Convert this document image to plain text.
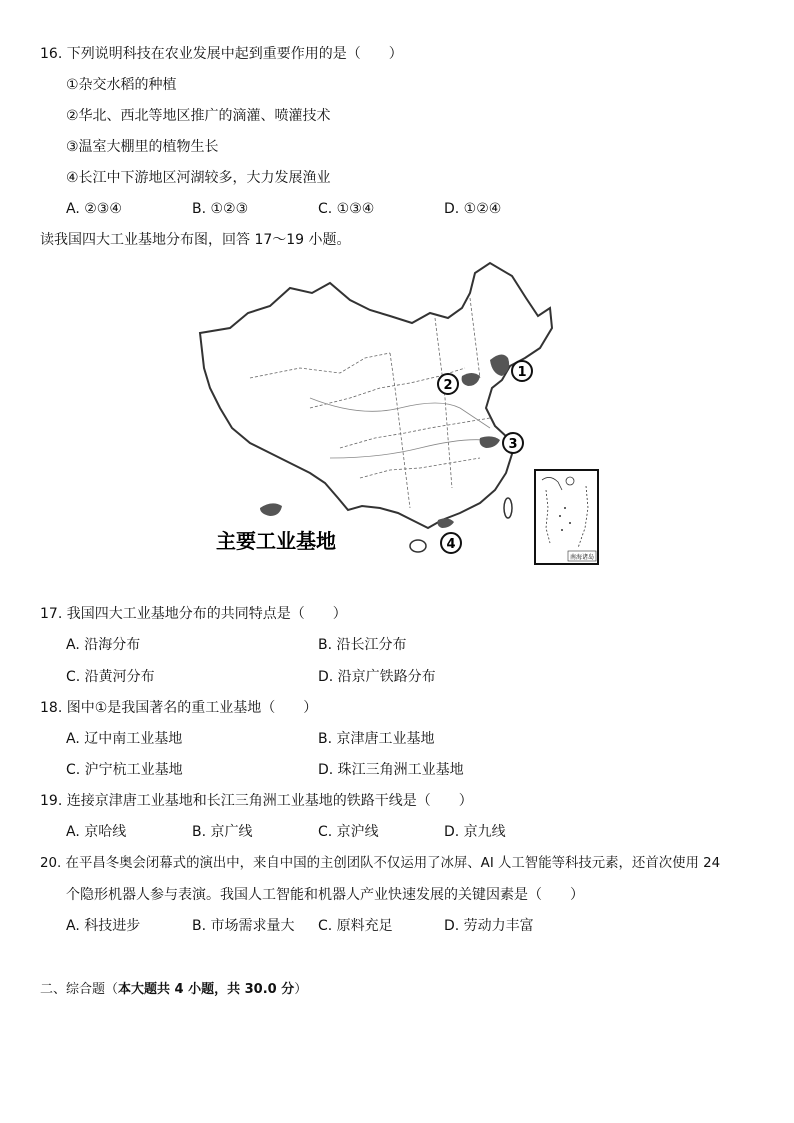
16. 下列说明科技在农业发展中起到重要作用的是（　　）
①杂交水稻的种植
②华北、西北等地区推广的滴灌、喷灌技术
③温室大棚里的植物生长
④长江中下游地区河湖较多，大力发展渔业
A. ②③④	B. ①②③	C. ①③④	D. ①②④
读我国四大工业基地分布图，回答 17～19 小题。
主要工业基地
1
2
3
4
南海诸岛
17. 我国四大工业基地分布的共同特点是（　　）
A. 沿海分布	B. 沿长江分布
C. 沿黄河分布	D. 沿京广铁路分布
18. 图中①是我国著名的重工业基地（　　）
A. 辽中南工业基地	B. 京津唐工业基地
C. 沪宁杭工业基地	D. 珠江三角洲工业基地
19. 连接京津唐工业基地和长江三角洲工业基地的铁路干线是（　　）
A. 京哈线	B. 京广线	C. 京沪线	D. 京九线
20. 在平昌冬奥会闭幕式的演出中，来自中国的主创团队不仅运用了冰屏、AI 人工智能等科技元素，还首次使用 24
个隐形机器人参与表演。我国人工智能和机器人产业快速发展的关键因素是（　　）
A. 科技进步	B. 市场需求量大 C. 原料充足	D. 劳动力丰富
二、综合题（本大题共 4 小题，共 30.0 分）
